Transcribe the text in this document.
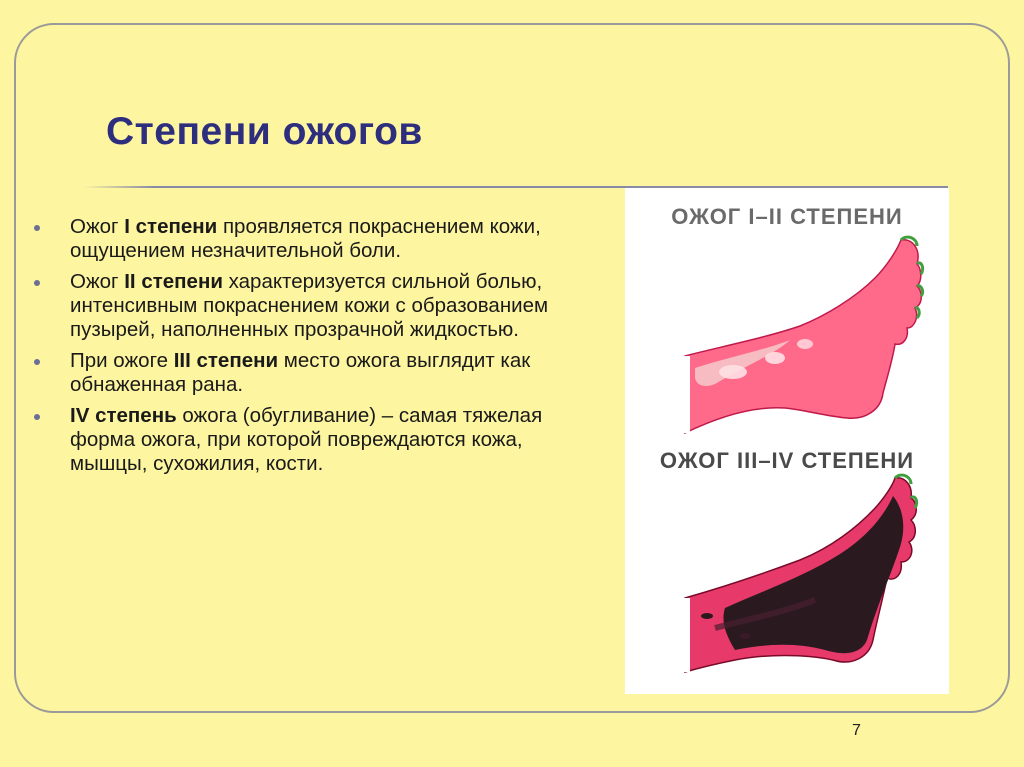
Степени ожогов
Ожог I степени проявляется покраснением кожи, ощущением незначительной боли.
Ожог II степени характеризуется сильной болью, интенсивным покраснением кожи с образованием пузырей, наполненных прозрачной жидкостью.
При ожоге III степени место ожога выглядит как обнаженная рана.
IV степень ожога (обугливание) – самая тяжелая форма ожога, при которой повреждаются кожа, мышцы, сухожилия, кости.
ОЖОГ I–II СТЕПЕНИ
ОЖОГ III–IV СТЕПЕНИ
7
